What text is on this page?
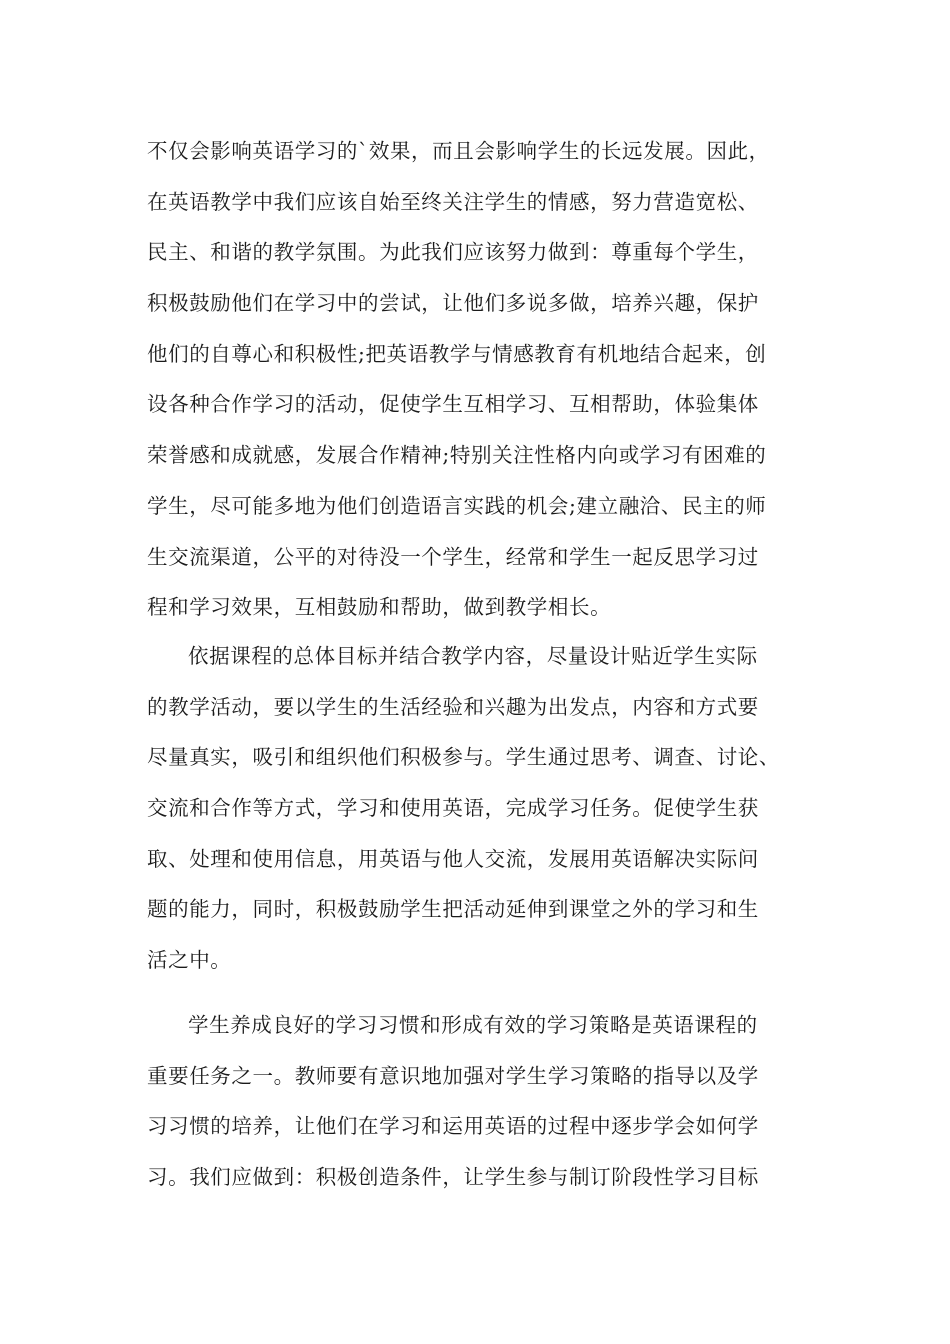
不仅会影响英语学习的`效果，而且会影响学生的长远发展。因此，
在英语教学中我们应该自始至终关注学生的情感，努力营造宽松、
民主、和谐的教学氛围。为此我们应该努力做到：尊重每个学生，
积极鼓励他们在学习中的尝试，让他们多说多做，培养兴趣，保护
他们的自尊心和积极性;把英语教学与情感教育有机地结合起来，创
设各种合作学习的活动，促使学生互相学习、互相帮助，体验集体
荣誉感和成就感，发展合作精神;特别关注性格内向或学习有困难的
学生，尽可能多地为他们创造语言实践的机会;建立融洽、民主的师
生交流渠道，公平的对待没一个学生，经常和学生一起反思学习过
程和学习效果，互相鼓励和帮助，做到教学相长。
依据课程的总体目标并结合教学内容，尽量设计贴近学生实际
的教学活动，要以学生的生活经验和兴趣为出发点，内容和方式要
尽量真实，吸引和组织他们积极参与。学生通过思考、调查、讨论、
交流和合作等方式，学习和使用英语，完成学习任务。促使学生获
取、处理和使用信息，用英语与他人交流，发展用英语解决实际问
题的能力，同时，积极鼓励学生把活动延伸到课堂之外的学习和生
活之中。
学生养成良好的学习习惯和形成有效的学习策略是英语课程的
重要任务之一。教师要有意识地加强对学生学习策略的指导以及学
习习惯的培养，让他们在学习和运用英语的过程中逐步学会如何学
习。我们应做到：积极创造条件，让学生参与制订阶段性学习目标
